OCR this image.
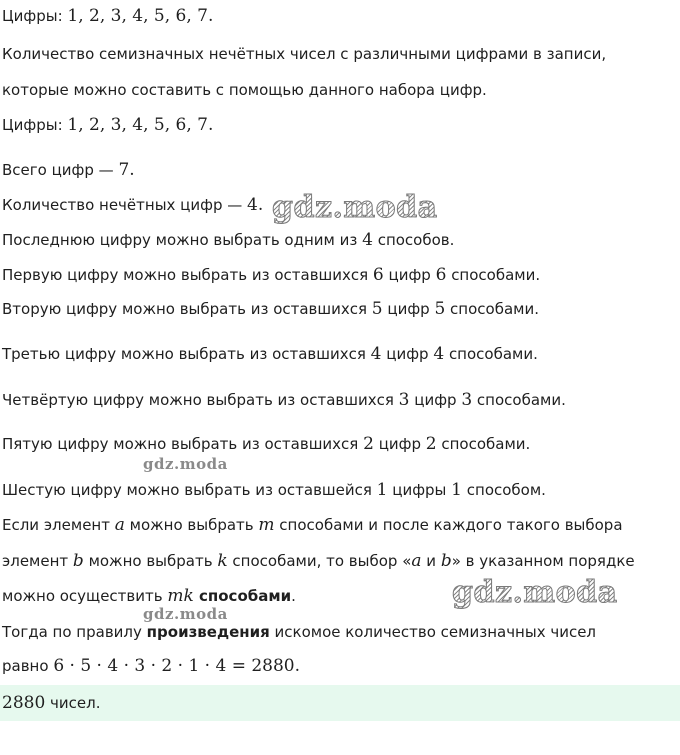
Цифры: 1, 2, 3, 4, 5, 6, 7.
Количество семизначных нечётных чисел с различными цифрами в записи,
которые можно составить с помощью данного набора цифр.
Цифры: 1, 2, 3, 4, 5, 6, 7.
Всего цифр — 7.
Количество нечётных цифр — 4.
Последнюю цифру можно выбрать одним из 4 способов.
Первую цифру можно выбрать из оставшихся 6 цифр 6 способами.
Вторую цифру можно выбрать из оставшихся 5 цифр 5 способами.
Третью цифру можно выбрать из оставшихся 4 цифр 4 способами.
Четвёртую цифру можно выбрать из оставшихся 3 цифр 3 способами.
Пятую цифру можно выбрать из оставшихся 2 цифр 2 способами.
Шестую цифру можно выбрать из оставшейся 1 цифры 1 способом.
Если элемент a можно выбрать m способами и после каждого такого выбора
элемент b можно выбрать k способами, то выбор «a и b» в указанном порядке
можно осуществить mk способами.
Тогда по правилу произведения искомое количество семизначных чисел
равно 6 · 5 · 4 · 3 · 2 · 1 · 4 = 2880.
2880 чисел.
gdz.moda
gdz.moda
gdz.moda
gdz.moda
